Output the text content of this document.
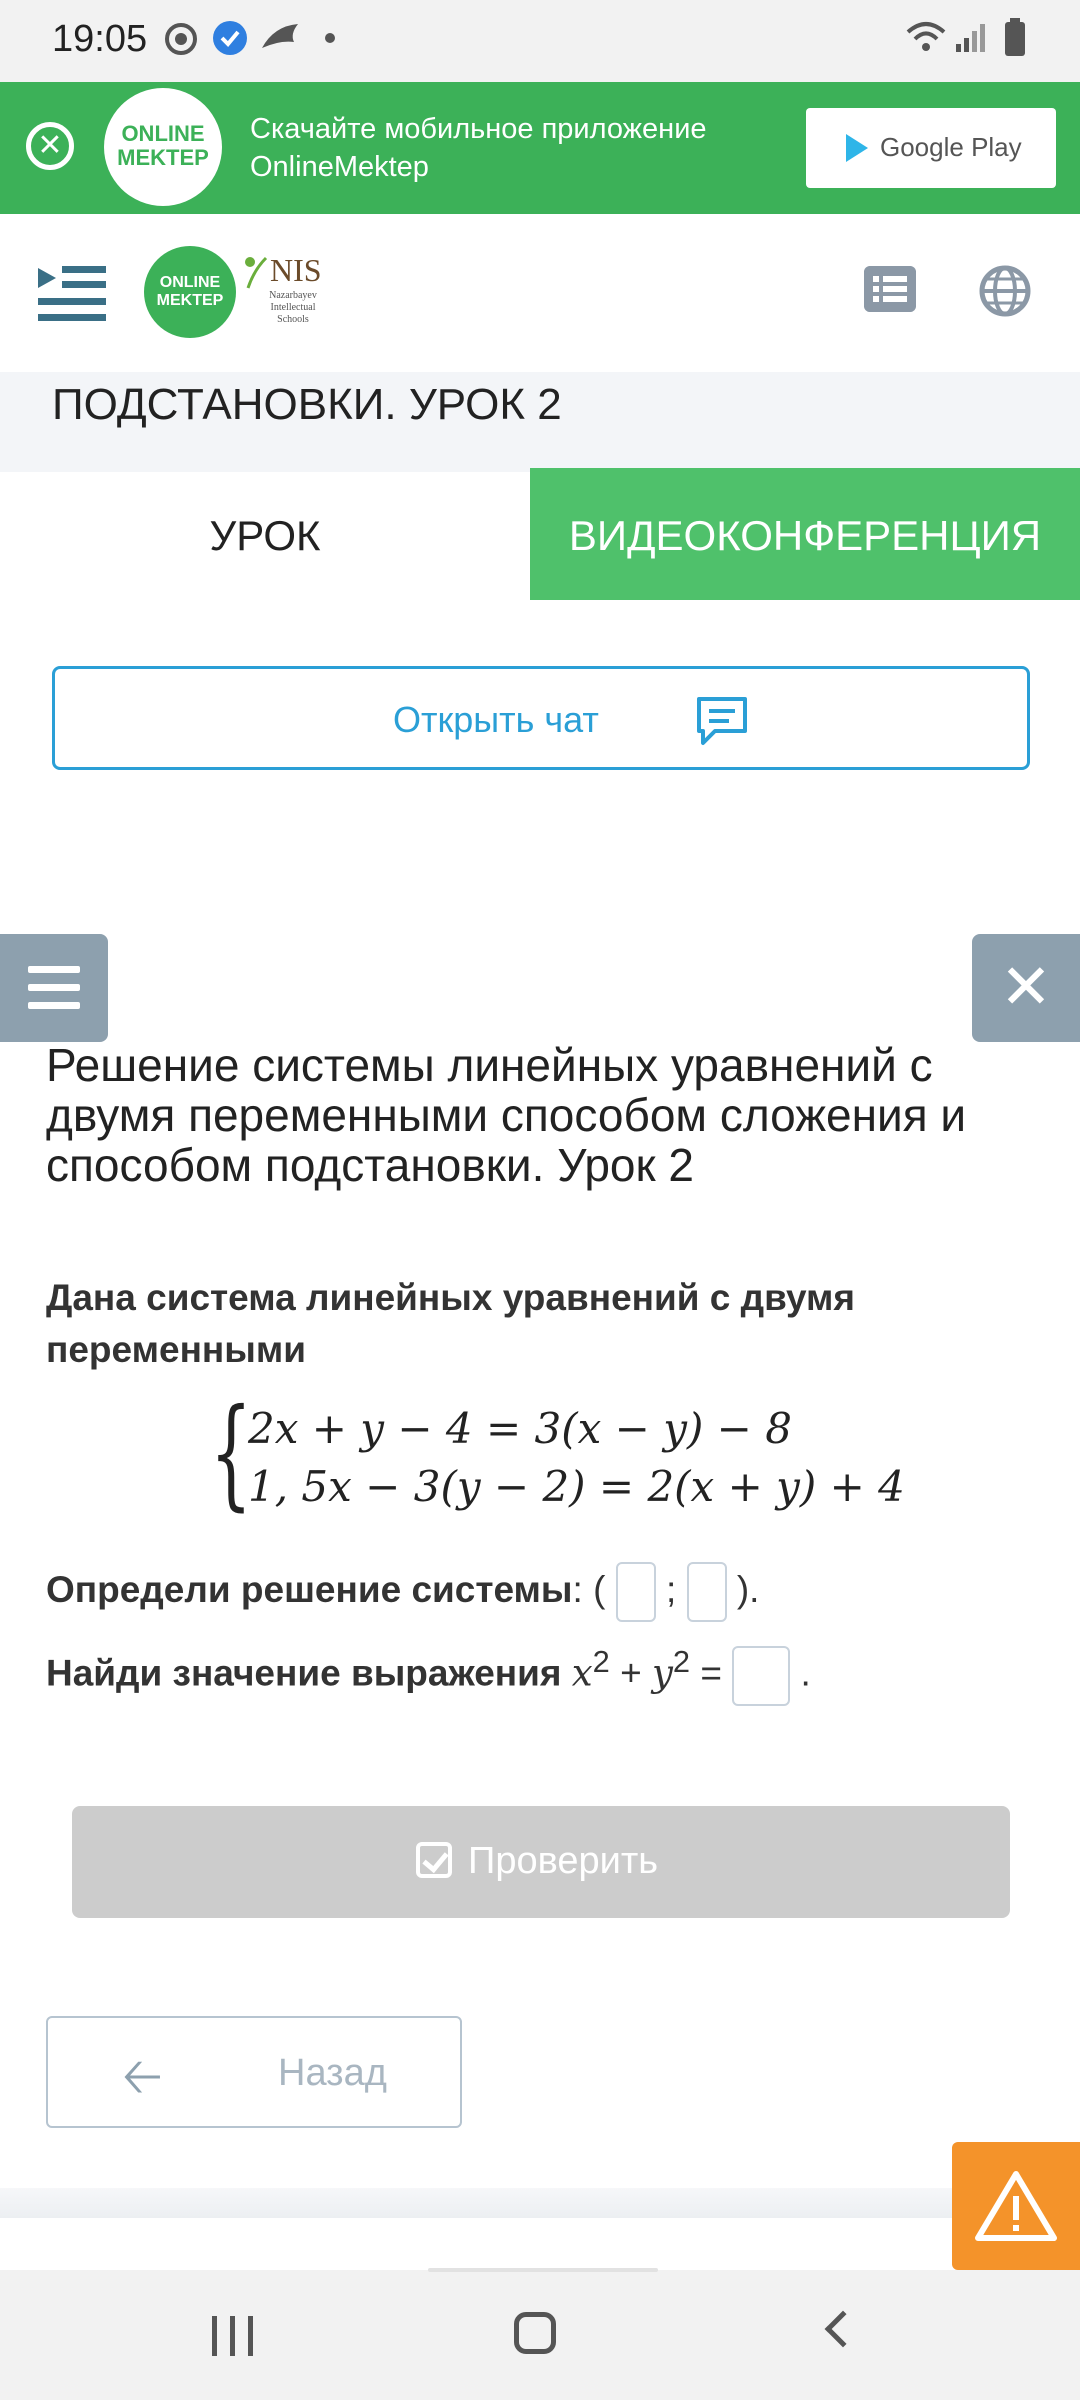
19:05
✕	ONLINE MEKTEP
Скачайте мобильное приложение
OnlineMektep
Google Play
ONLINE MEKTEP
NIS
Nazarbayev Intellectual Schools
ПОДСТАНОВКИ. УРОК 2
УРОК	ВИДЕОКОНФЕРЕНЦИЯ
Открыть чат
✕
Решение системы линейных уравнений с двумя переменными способом сложения и способом подстановки. Урок 2
Дана система линейных уравнений с двумя переменными
{
2x + y − 4 = 3(x − y) − 8
1, 5x − 3(y − 2) = 2(x + y) + 4
Определи решение системы: ( ; ).
Найди значение выражения $x^2 + y^2$ = .
Проверить
🡠	Назад
